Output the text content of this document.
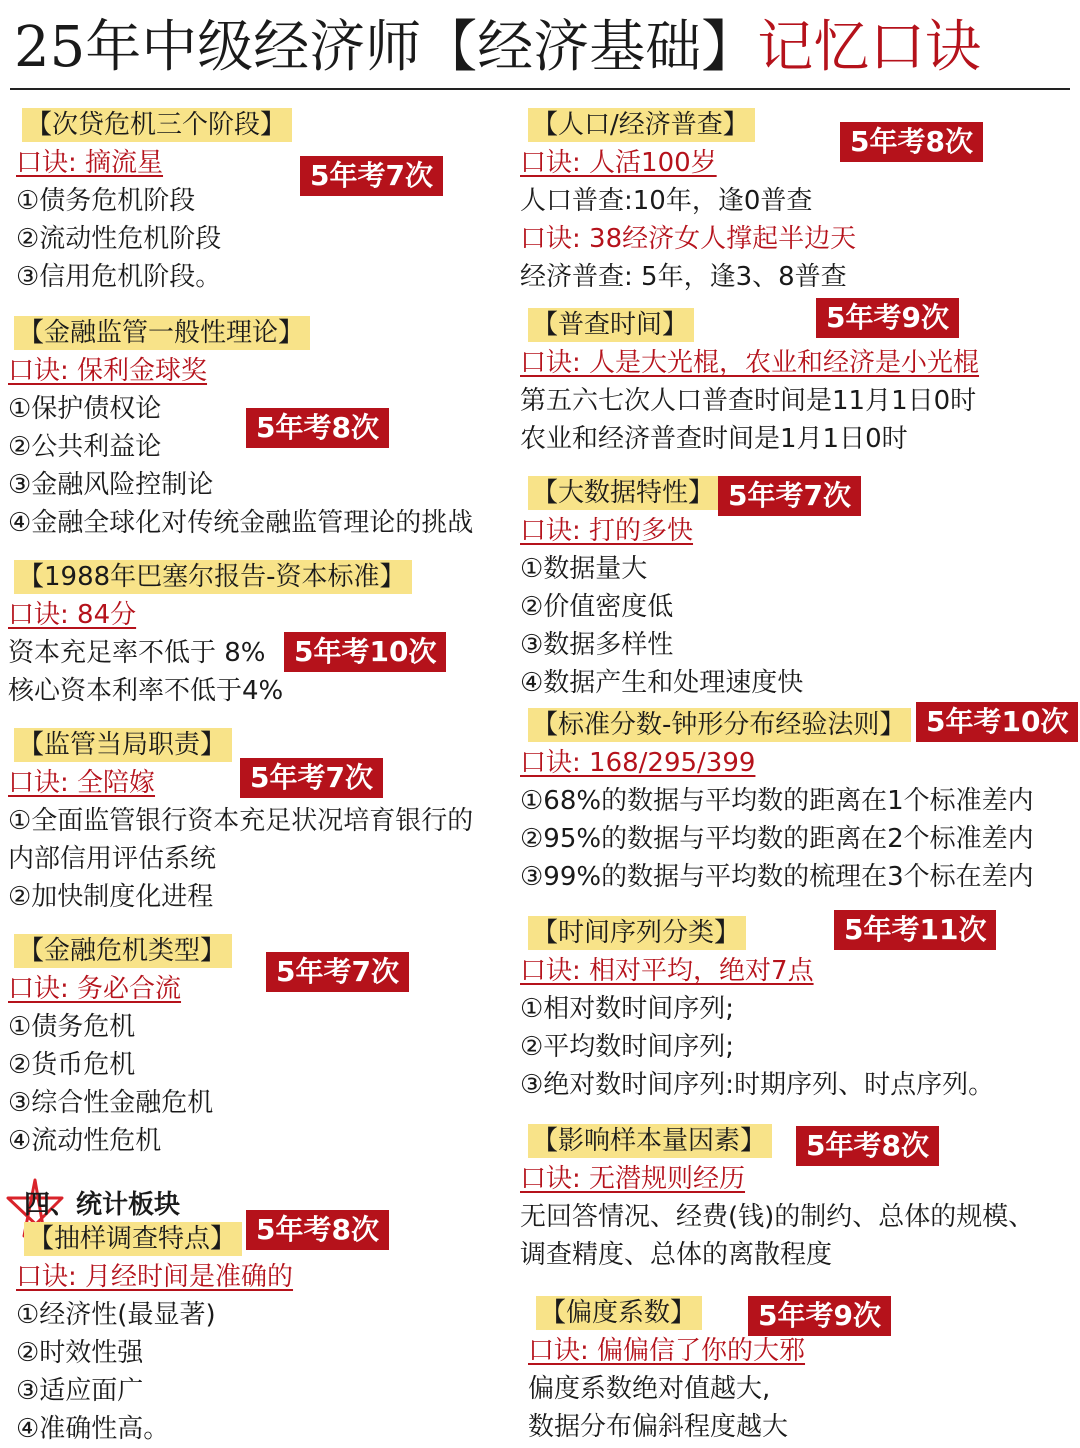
25年中级经济师【经济基础】记忆口诀
【次贷危机三个阶段】
口诀: 摘流星
①债务危机阶段
②流动性危机阶段
③信用危机阶段。
5年考7次
【金融监管一般性理论】
口诀: 保利金球奖
①保护债权论
②公共利益论
③金融风险控制论
④金融全球化对传统金融监管理论的挑战
5年考8次
【1988年巴塞尔报告-资本标准】
口诀: 84分
资本充足率不低于 8%
核心资本利率不低于4%
5年考10次
【监管当局职责】
口诀: 全陪嫁
①全面监管银行资本充足状况培育银行的
内部信用评估系统
②加快制度化进程
5年考7次
【金融危机类型】
口诀: 务必合流
①债务危机
②货币危机
③综合性金融危机
④流动性危机
5年考7次
四、统计板块
【抽样调查特点】
口诀: 月经时间是准确的
①经济性(最显著)
②时效性强
③适应面广
④准确性高。
5年考8次
【人口/经济普查】
口诀: 人活100岁
人口普查:10年，逢0普查
口诀: 38经济女人撑起半边天
经济普查: 5年，逢3、8普查
5年考8次
【普查时间】
口诀: 人是大光棍，农业和经济是小光棍
第五六七次人口普查时间是11月1日0时
农业和经济普查时间是1月1日0时
5年考9次
【大数据特性】
口诀: 打的多快
①数据量大
②价值密度低
③数据多样性
④数据产生和处理速度快
5年考7次
【标准分数-钟形分布经验法则】
口诀: 168/295/399
①68%的数据与平均数的距离在1个标准差内
②95%的数据与平均数的距离在2个标准差内
③99%的数据与平均数的梳理在3个标在差内
5年考10次
【时间序列分类】
口诀: 相对平均，绝对7点
①相对数时间序列;
②平均数时间序列;
③绝对数时间序列:时期序列、时点序列。
5年考11次
【影响样本量因素】
口诀: 无潜规则经历
无回答情况、经费(钱)的制约、总体的规模、
调查精度、总体的离散程度
5年考8次
【偏度系数】
口诀: 偏偏信了你的大邪
偏度系数绝对值越大,
数据分布偏斜程度越大
5年考9次
